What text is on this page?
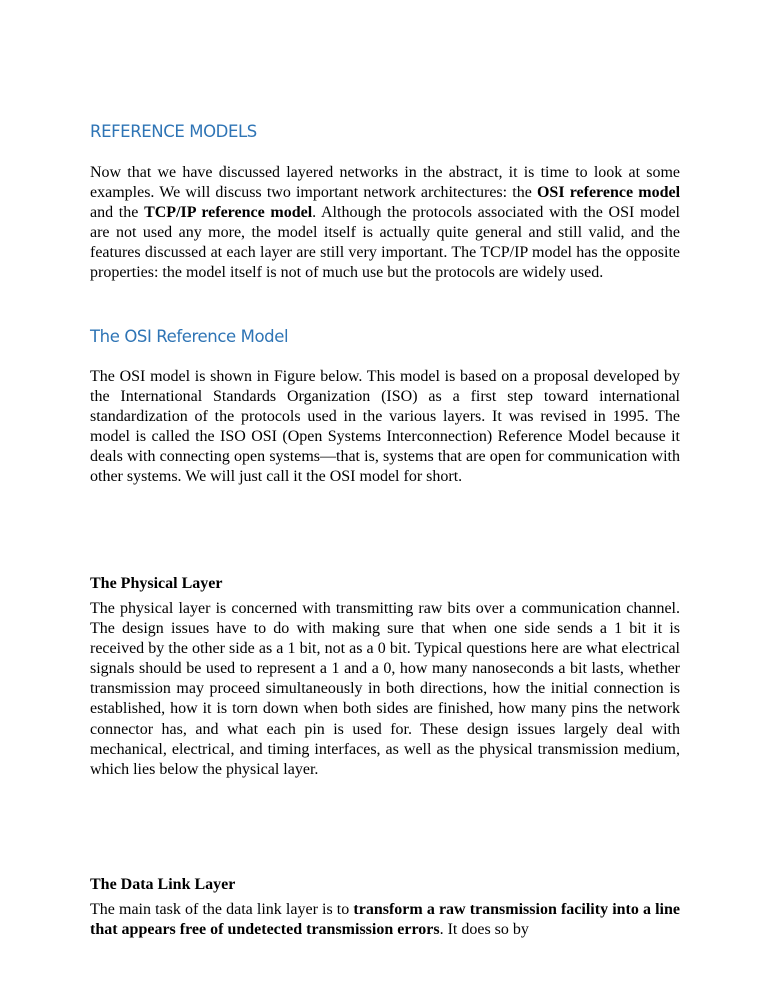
REFERENCE MODELS

Now that we have discussed layered networks in the abstract, it is time to look at some examples. We will discuss two important network architectures: the OSI reference model and the TCP/IP reference model. Although the protocols associated with the OSI model are not used any more, the model itself is actually quite general and still valid, and the features discussed at each layer are still very important. The TCP/IP model has the opposite properties: the model itself is not of much use but the protocols are widely used.

The OSI Reference Model

The OSI model is shown in Figure below. This model is based on a proposal developed by the International Standards Organization (ISO) as a first step toward international standardization of the protocols used in the various layers. It was revised in 1995. The model is called the ISO OSI (Open Systems Interconnection) Reference Model because it deals with connecting open systems—that is, systems that are open for communication with other systems. We will just call it the OSI model for short.

The Physical Layer

The physical layer is concerned with transmitting raw bits over a communication channel. The design issues have to do with making sure that when one side sends a 1 bit it is received by the other side as a 1 bit, not as a 0 bit. Typical questions here are what electrical signals should be used to represent a 1 and a 0, how many nanoseconds a bit lasts, whether transmission may proceed simultaneously in both directions, how the initial connection is established, how it is torn down when both sides are finished, how many pins the network connector has, and what each pin is used for. These design issues largely deal with mechanical, electrical, and timing interfaces, as well as the physical transmission medium, which lies below the physical layer.

The Data Link Layer

The main task of the data link layer is to transform a raw transmission facility into a line that appears free of undetected transmission errors. It does so by
